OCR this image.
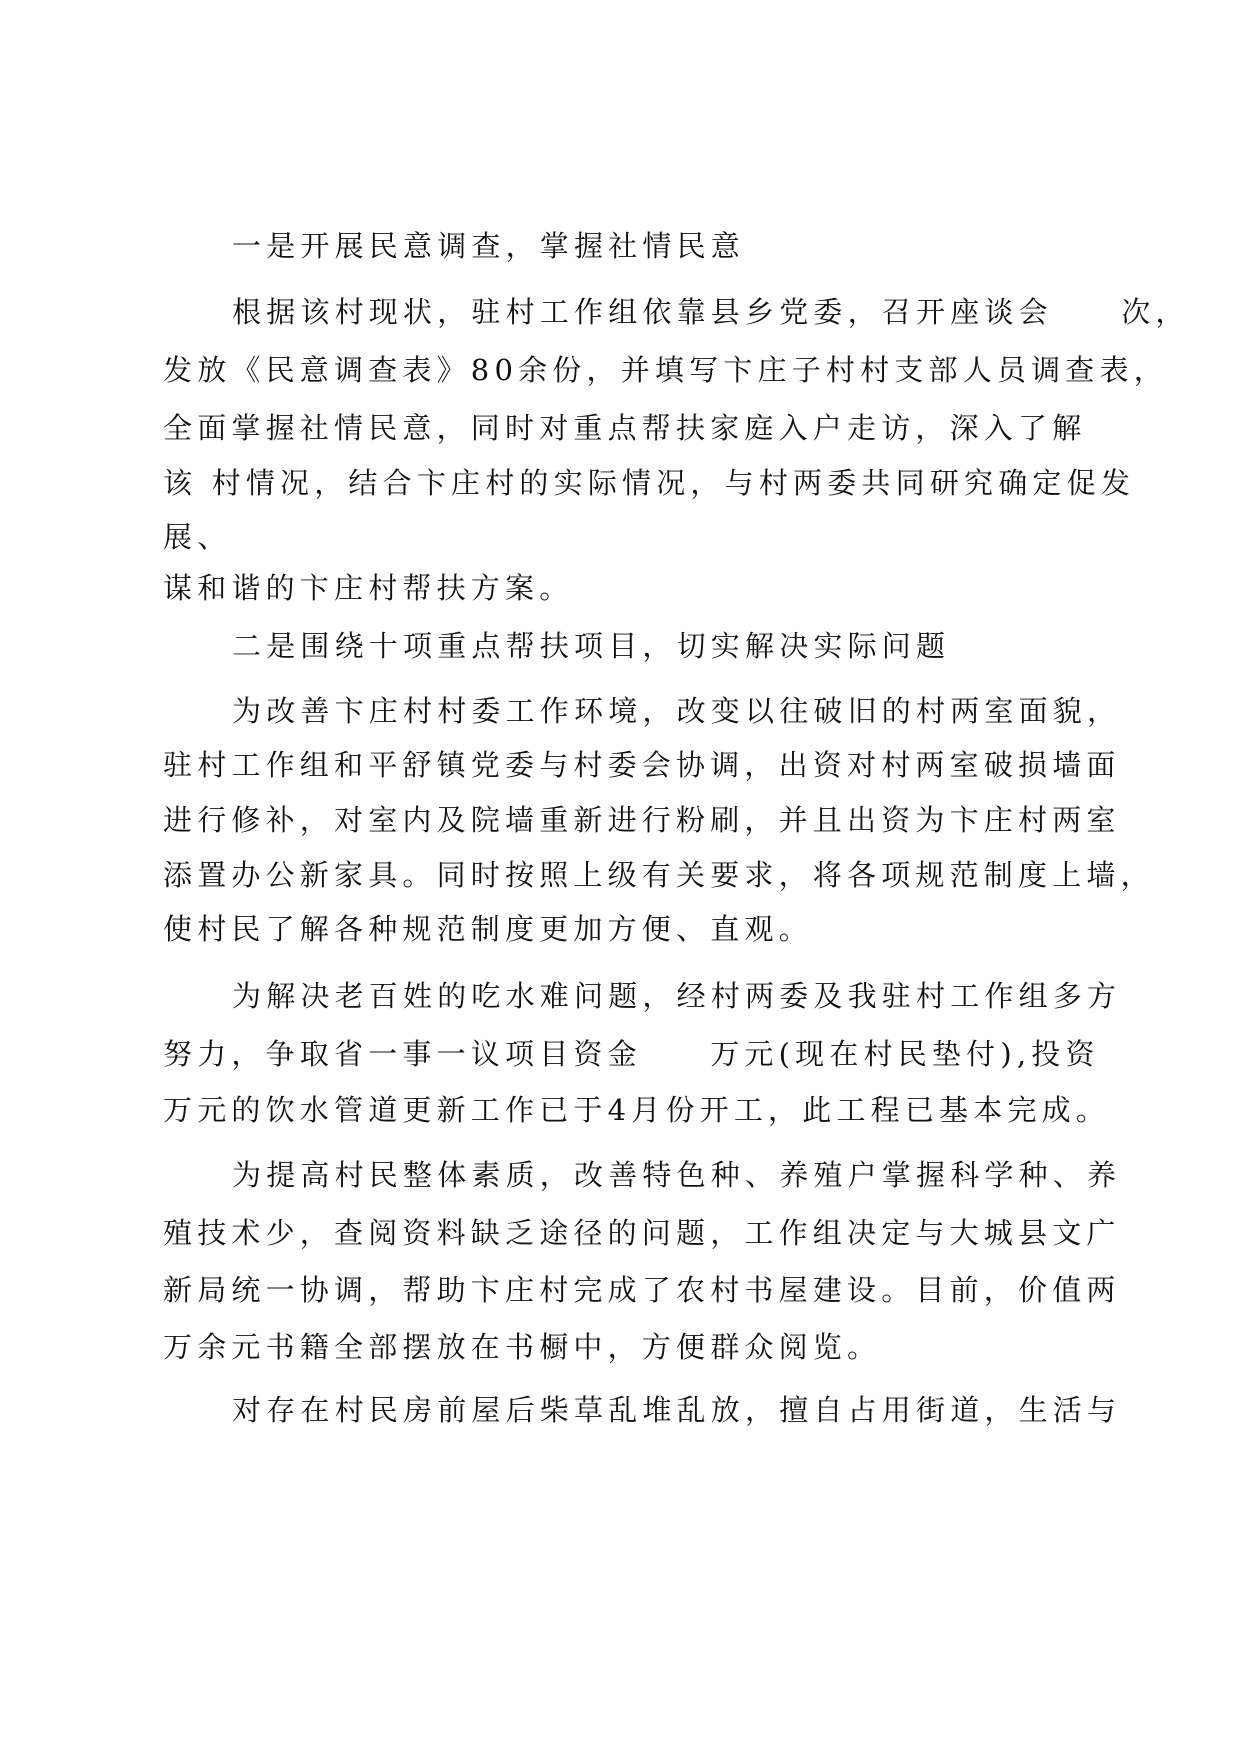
一是开展民意调查，掌握社情民意
根据该村现状，驻村工作组依靠县乡党委，召开座谈会　　次，
发放《民意调查表》80余份，并填写卞庄子村村支部人员调查表，
全面掌握社情民意，同时对重点帮扶家庭入户走访，深入了解
该 村情况，结合卞庄村的实际情况，与村两委共同研究确定促发
展、
谋和谐的卞庄村帮扶方案。
二是围绕十项重点帮扶项目，切实解决实际问题
为改善卞庄村村委工作环境，改变以往破旧的村两室面貌，
驻村工作组和平舒镇党委与村委会协调，出资对村两室破损墙面
进行修补，对室内及院墙重新进行粉刷，并且出资为卞庄村两室
添置办公新家具。同时按照上级有关要求，将各项规范制度上墙，
使村民了解各种规范制度更加方便、直观。
为解决老百姓的吃水难问题，经村两委及我驻村工作组多方
努力，争取省一事一议项目资金　　万元(现在村民垫付),投资
万元的饮水管道更新工作已于4月份开工，此工程已基本完成。
为提高村民整体素质，改善特色种、养殖户掌握科学种、养
殖技术少，查阅资料缺乏途径的问题，工作组决定与大城县文广
新局统一协调，帮助卞庄村完成了农村书屋建设。目前，价值两
万余元书籍全部摆放在书橱中，方便群众阅览。
对存在村民房前屋后柴草乱堆乱放，擅自占用街道，生活与
